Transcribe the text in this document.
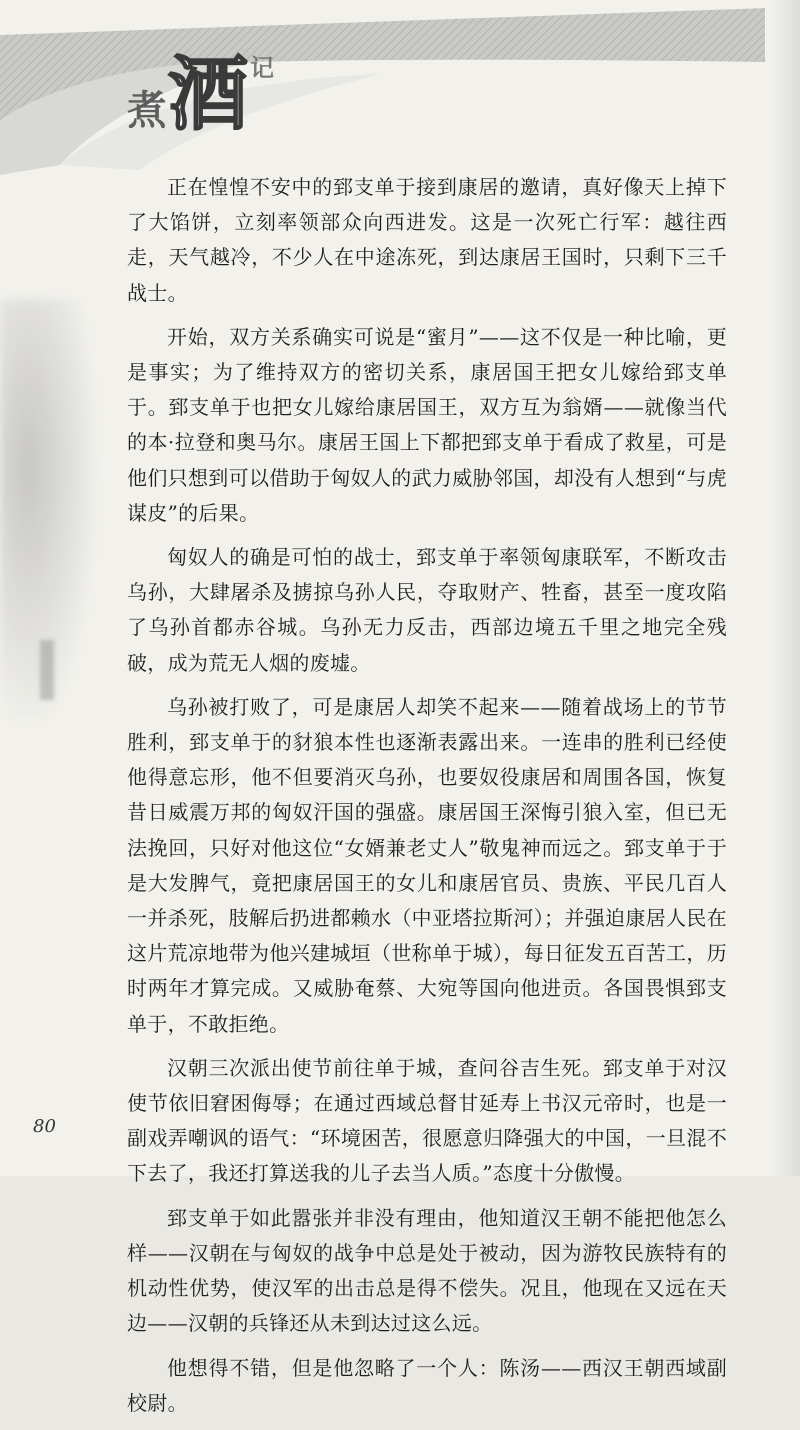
煮 酒 记

正在惶惶不安中的郅支单于接到康居的邀请，真好像天上掉下了大馅饼，立刻率领部众向西进发。这是一次死亡行军：越往西走，天气越冷，不少人在中途冻死，到达康居王国时，只剩下三千战士。

开始，双方关系确实可说是“蜜月”——这不仅是一种比喻，更是事实；为了维持双方的密切关系，康居国王把女儿嫁给郅支单于。郅支单于也把女儿嫁给康居国王，双方互为翁婿——就像当代的本·拉登和奥马尔。康居王国上下都把郅支单于看成了救星，可是他们只想到可以借助于匈奴人的武力威胁邻国，却没有人想到“与虎谋皮”的后果。

匈奴人的确是可怕的战士，郅支单于率领匈康联军，不断攻击乌孙，大肆屠杀及掳掠乌孙人民，夺取财产、牲畜，甚至一度攻陷了乌孙首都赤谷城。乌孙无力反击，西部边境五千里之地完全残破，成为荒无人烟的废墟。

乌孙被打败了，可是康居人却笑不起来——随着战场上的节节胜利，郅支单于的豺狼本性也逐渐表露出来。一连串的胜利已经使他得意忘形，他不但要消灭乌孙，也要奴役康居和周围各国，恢复昔日威震万邦的匈奴汗国的强盛。康居国王深悔引狼入室，但已无法挽回，只好对他这位“女婿兼老丈人”敬鬼神而远之。郅支单于于是大发脾气，竟把康居国王的女儿和康居官员、贵族、平民几百人一并杀死，肢解后扔进都赖水（中亚塔拉斯河）；并强迫康居人民在这片荒凉地带为他兴建城垣（世称单于城），每日征发五百苦工，历时两年才算完成。又威胁奄蔡、大宛等国向他进贡。各国畏惧郅支单于，不敢拒绝。

汉朝三次派出使节前往单于城，查问谷吉生死。郅支单于对汉使节依旧窘困侮辱；在通过西域总督甘延寿上书汉元帝时，也是一副戏弄嘲讽的语气：“环境困苦，很愿意归降强大的中国，一旦混不下去了，我还打算送我的儿子去当人质。”态度十分傲慢。

郅支单于如此嚣张并非没有理由，他知道汉王朝不能把他怎么样——汉朝在与匈奴的战争中总是处于被动，因为游牧民族特有的机动性优势，使汉军的出击总是得不偿失。况且，他现在又远在天边——汉朝的兵锋还从未到达过这么远。

他想得不错，但是他忽略了一个人：陈汤——西汉王朝西域副校尉。

80
